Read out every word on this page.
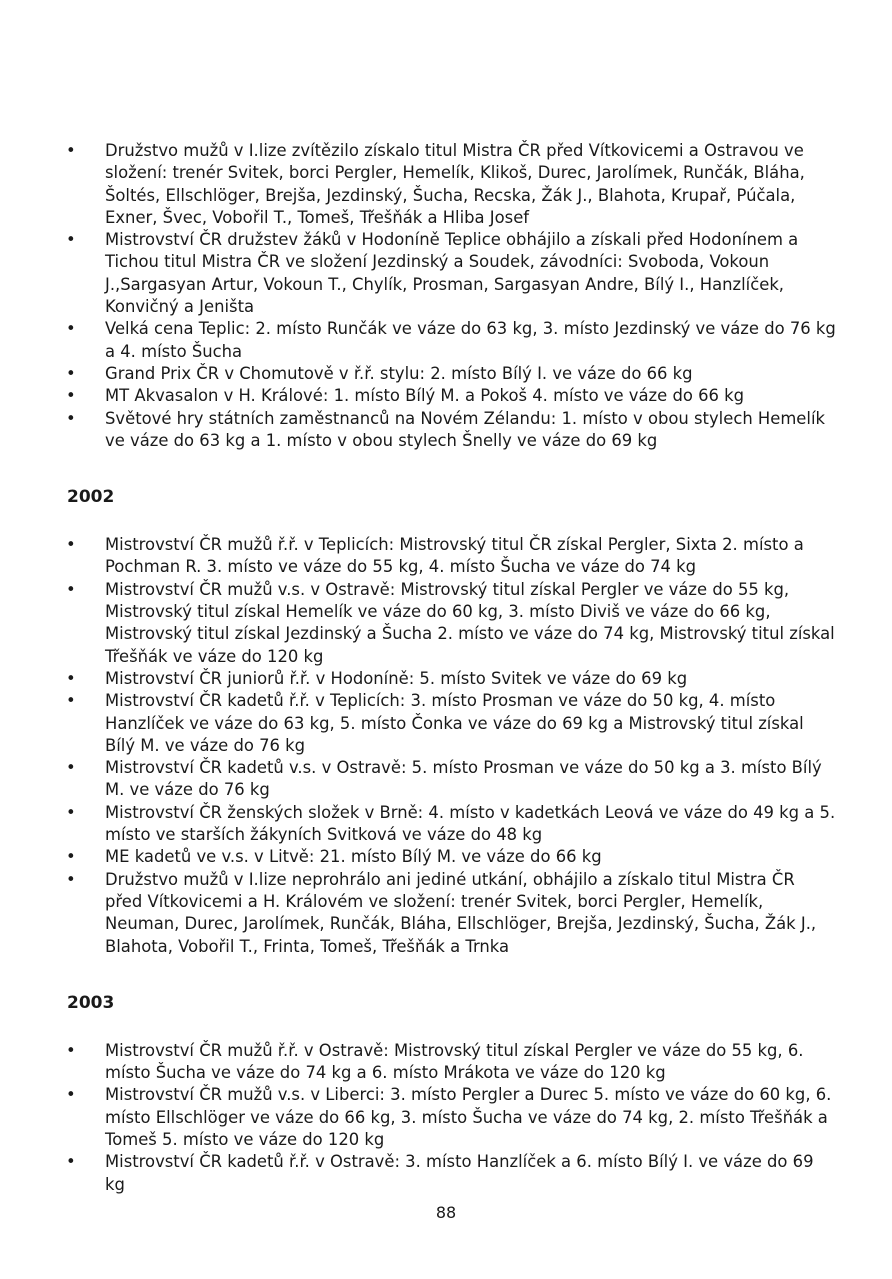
• Družstvo mužů v I.lize zvítězilo získalo titul Mistra ČR před Vítkovicemi a Ostravou ve složení: trenér Svitek, borci Pergler, Hemelík, Klikoš, Durec, Jarolímek, Runčák, Bláha, Šoltés, Ellschlöger, Brejša, Jezdinský, Šucha, Recska, Žák J., Blahota, Krupař, Púčala, Exner, Švec, Vobořil T., Tomeš, Třešňák a Hliba Josef
• Mistrovství ČR družstev žáků v Hodoníně Teplice obhájilo a získali před Hodonínem a Tichou titul Mistra ČR ve složení Jezdinský a Soudek, závodníci: Svoboda, Vokoun J.,Sargasyan Artur, Vokoun T., Chylík, Prosman, Sargasyan Andre, Bílý I., Hanzlíček, Konvičný a Jeništa
• Velká cena Teplic: 2. místo Runčák ve váze do 63 kg, 3. místo Jezdinský ve váze do 76 kg a 4. místo Šucha
• Grand Prix ČR v Chomutově v ř.ř. stylu: 2. místo Bílý I. ve váze do 66 kg
• MT Akvasalon v H. Králové: 1. místo Bílý M. a Pokoš 4. místo ve váze do 66 kg
• Světové hry státních zaměstnanců na Novém Zélandu: 1. místo v obou stylech Hemelík ve váze do 63 kg a 1. místo v obou stylech Šnelly ve váze do 69 kg
2002
• Mistrovství ČR mužů ř.ř. v Teplicích: Mistrovský titul ČR získal Pergler, Sixta 2. místo a Pochman R. 3. místo ve váze do 55 kg, 4. místo Šucha ve váze do 74 kg
• Mistrovství ČR mužů v.s. v Ostravě: Mistrovský titul získal Pergler ve váze do 55 kg, Mistrovský titul získal Hemelík ve váze do 60 kg, 3. místo Diviš ve váze do 66 kg, Mistrovský titul získal Jezdinský a Šucha 2. místo ve váze do 74 kg, Mistrovský titul získal Třešňák ve váze do 120 kg
• Mistrovství ČR juniorů ř.ř. v Hodoníně: 5. místo Svitek ve váze do 69 kg
• Mistrovství ČR kadetů ř.ř. v Teplicích: 3. místo Prosman ve váze do 50 kg, 4. místo Hanzlíček ve váze do 63 kg, 5. místo Čonka ve váze do 69 kg a Mistrovský titul získal Bílý M. ve váze do 76 kg
• Mistrovství ČR kadetů v.s. v Ostravě: 5. místo Prosman ve váze do 50 kg a 3. místo Bílý M. ve váze do 76 kg
• Mistrovství ČR ženských složek v Brně: 4. místo v kadetkách Leová ve váze do 49 kg a 5. místo ve starších žákyních Svitková ve váze do 48 kg
• ME kadetů ve v.s. v Litvě: 21. místo Bílý M. ve váze do 66 kg
• Družstvo mužů v I.lize neprohrálo ani jediné utkání, obhájilo a získalo titul Mistra ČR před Vítkovicemi a H. Královém ve složení: trenér Svitek, borci Pergler, Hemelík, Neuman, Durec, Jarolímek, Runčák, Bláha, Ellschlöger, Brejša, Jezdinský, Šucha, Žák J., Blahota, Vobořil T., Frinta, Tomeš, Třešňák a Trnka
2003
• Mistrovství ČR mužů ř.ř. v Ostravě: Mistrovský titul získal Pergler ve váze do 55 kg, 6. místo Šucha ve váze do 74 kg a 6. místo Mrákota ve váze do 120 kg
• Mistrovství ČR mužů v.s. v Liberci: 3. místo Pergler a Durec 5. místo ve váze do 60 kg, 6. místo Ellschlöger ve váze do 66 kg, 3. místo Šucha ve váze do 74 kg, 2. místo Třešňák a Tomeš 5. místo ve váze do 120 kg
• Mistrovství ČR kadetů ř.ř. v Ostravě: 3. místo Hanzlíček a 6. místo Bílý I. ve váze do 69 kg
88
